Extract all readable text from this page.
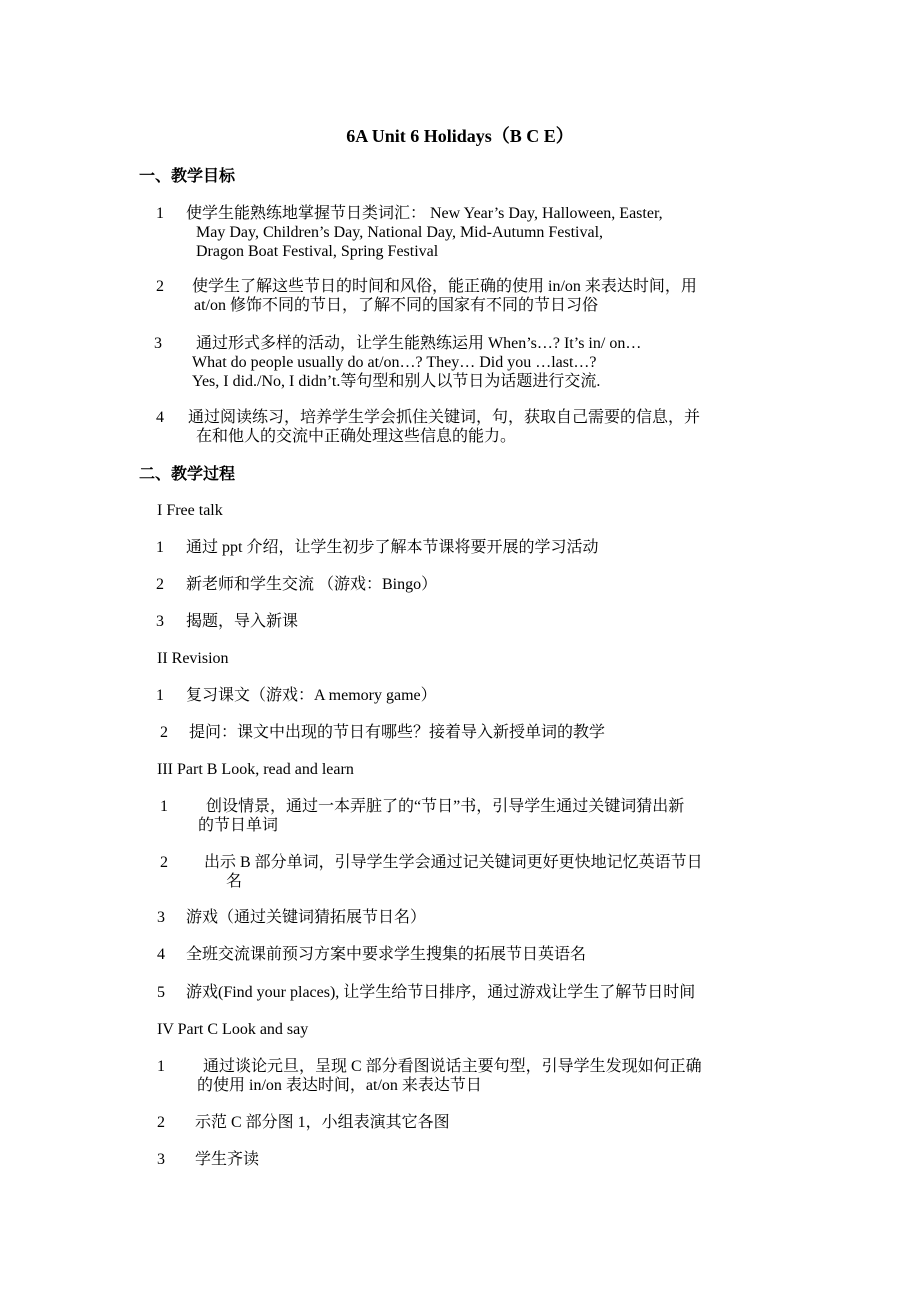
6A Unit 6 Holidays（B C E）
一、教学目标
1 使学生能熟练地掌握节日类词汇： New Year’s Day, Halloween, Easter,
May Day, Children’s Day, National Day, Mid-Autumn Festival,
Dragon Boat Festival, Spring Festival
2 使学生了解这些节日的时间和风俗，能正确的使用 in/on 来表达时间，用
at/on 修饰不同的节日，了解不同的国家有不同的节日习俗
3 通过形式多样的活动，让学生能熟练运用 When’s…? It’s in/ on…
What do people usually do at/on…? They… Did you …last…?
Yes, I did./No, I didn’t.等句型和别人以节日为话题进行交流.
4 通过阅读练习，培养学生学会抓住关键词，句，获取自己需要的信息，并
在和他人的交流中正确处理这些信息的能力。
二、教学过程
I Free talk
1 通过 ppt 介绍，让学生初步了解本节课将要开展的学习活动
2 新老师和学生交流 （游戏：Bingo）
3 揭题，导入新课
II Revision
1 复习课文（游戏：A memory game）
2 提问：课文中出现的节日有哪些？接着导入新授单词的教学
III Part B Look, read and learn
1 创设情景，通过一本弄脏了的“节日”书，引导学生通过关键词猜出新
的节日单词
2 出示 B 部分单词，引导学生学会通过记关键词更好更快地记忆英语节日
名
3 游戏（通过关键词猜拓展节日名）
4 全班交流课前预习方案中要求学生搜集的拓展节日英语名
5 游戏(Find your places), 让学生给节日排序，通过游戏让学生了解节日时间
IV Part C Look and say
1 通过谈论元旦，呈现 C 部分看图说话主要句型，引导学生发现如何正确
的使用 in/on 表达时间，at/on 来表达节日
2 示范 C 部分图 1，小组表演其它各图
3 学生齐读
